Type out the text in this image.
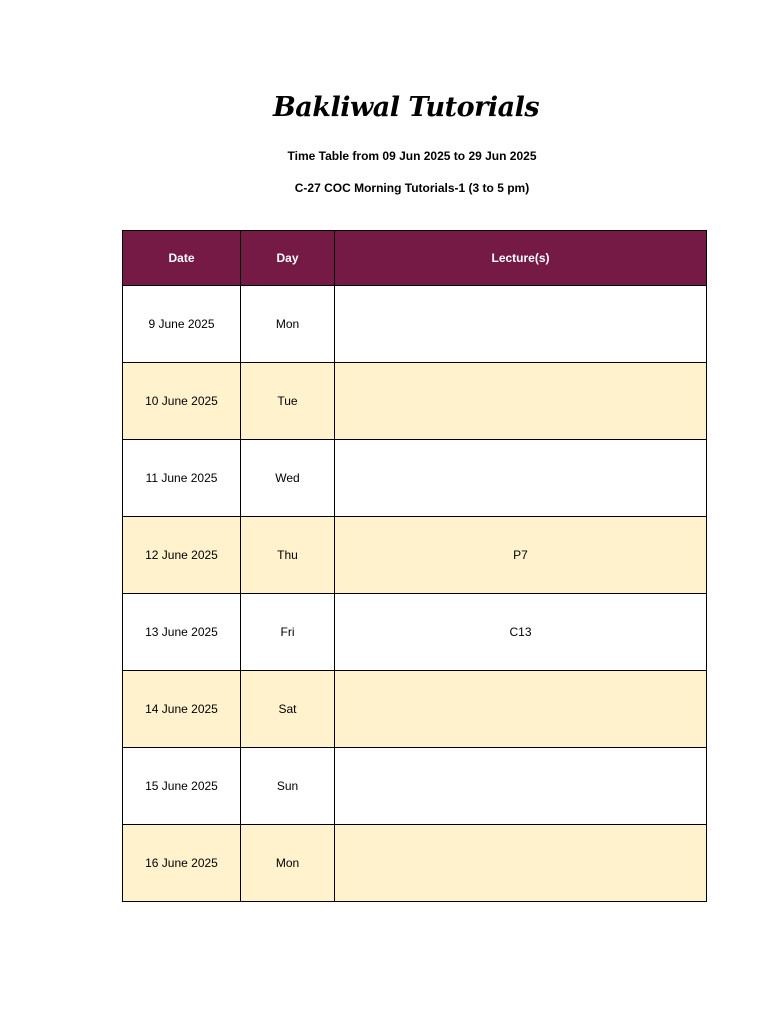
Bakliwal Tutorials
Time Table from 09 Jun 2025 to 29 Jun 2025
C-27 COC Morning Tutorials-1 (3 to 5 pm)
Date	Day	Lecture(s)
9 June 2025	Mon	
10 June 2025	Tue	
11 June 2025	Wed	
12 June 2025	Thu	P7
13 June 2025	Fri	C13
14 June 2025	Sat	
15 June 2025	Sun	
16 June 2025	Mon	
